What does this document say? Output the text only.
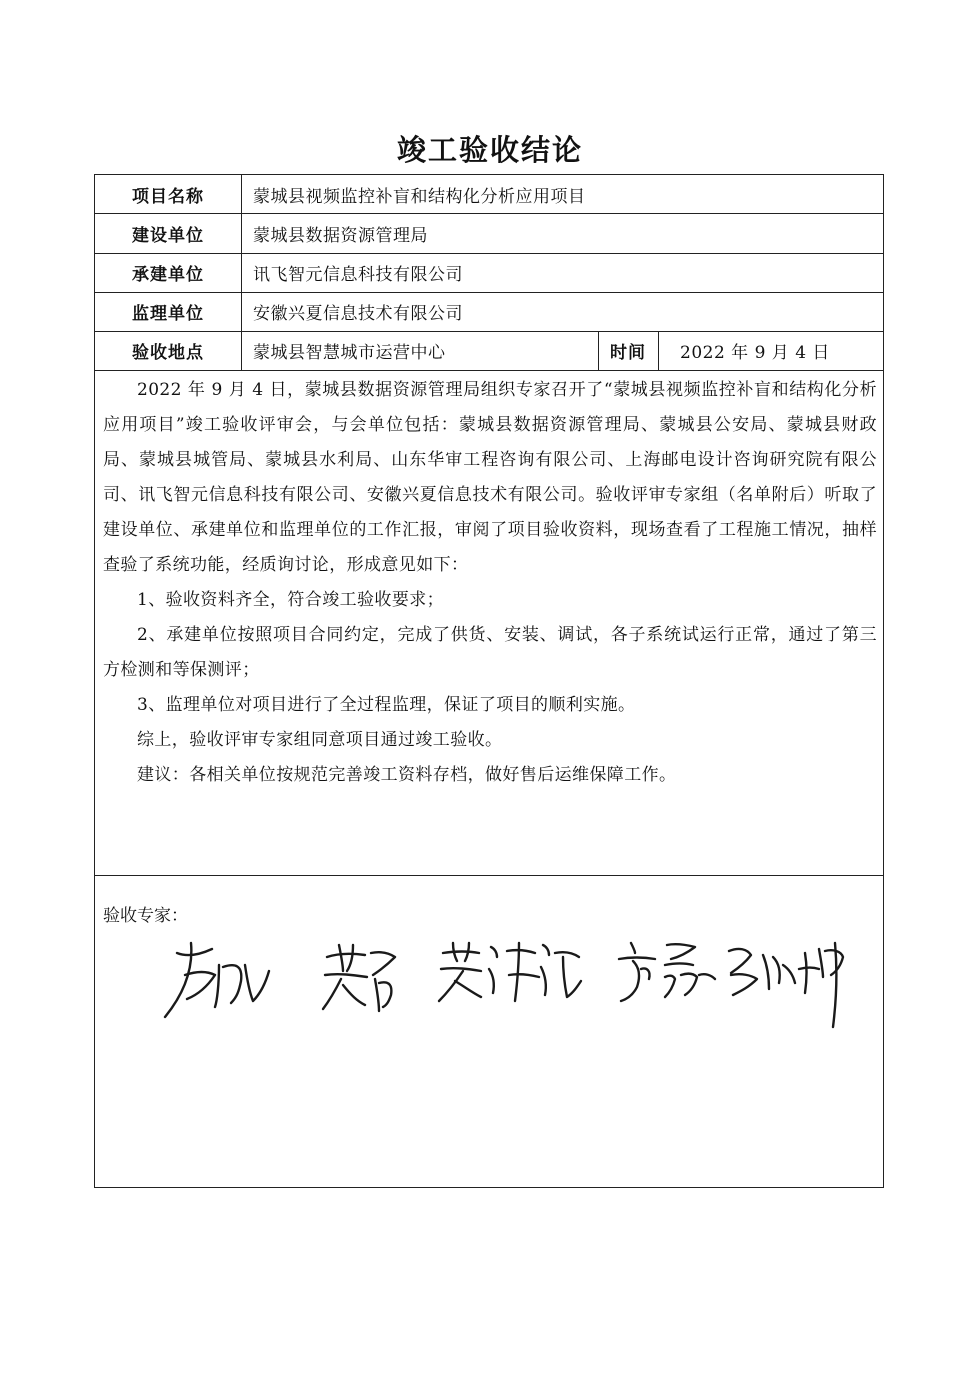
竣工验收结论
项目名称	蒙城县视频监控补盲和结构化分析应用项目
建设单位	蒙城县数据资源管理局
承建单位	讯飞智元信息科技有限公司
监理单位	安徽兴夏信息技术有限公司
验收地点	蒙城县智慧城市运营中心	时间	2022 年 9 月 4 日

2022 年 9 月 4 日，蒙城县数据资源管理局组织专家召开了“蒙城县视频监控补盲和结构化分析应用项目”竣工验收评审会，与会单位包括：蒙城县数据资源管理局、蒙城县公安局、蒙城县财政局、蒙城县城管局、蒙城县水利局、山东华审工程咨询有限公司、上海邮电设计咨询研究院有限公司、讯飞智元信息科技有限公司、安徽兴夏信息技术有限公司。验收评审专家组（名单附后）听取了建设单位、承建单位和监理单位的工作汇报，审阅了项目验收资料，现场查看了工程施工情况，抽样查验了系统功能，经质询讨论，形成意见如下：

1、验收资料齐全，符合竣工验收要求；

2、承建单位按照项目合同约定，完成了供货、安装、调试，各子系统试运行正常，通过了第三方检测和等保测评；

3、监理单位对项目进行了全过程监理，保证了项目的顺利实施。

综上，验收评审专家组同意项目通过竣工验收。

建议：各相关单位按规范完善竣工资料存档，做好售后运维保障工作。

验收专家：
